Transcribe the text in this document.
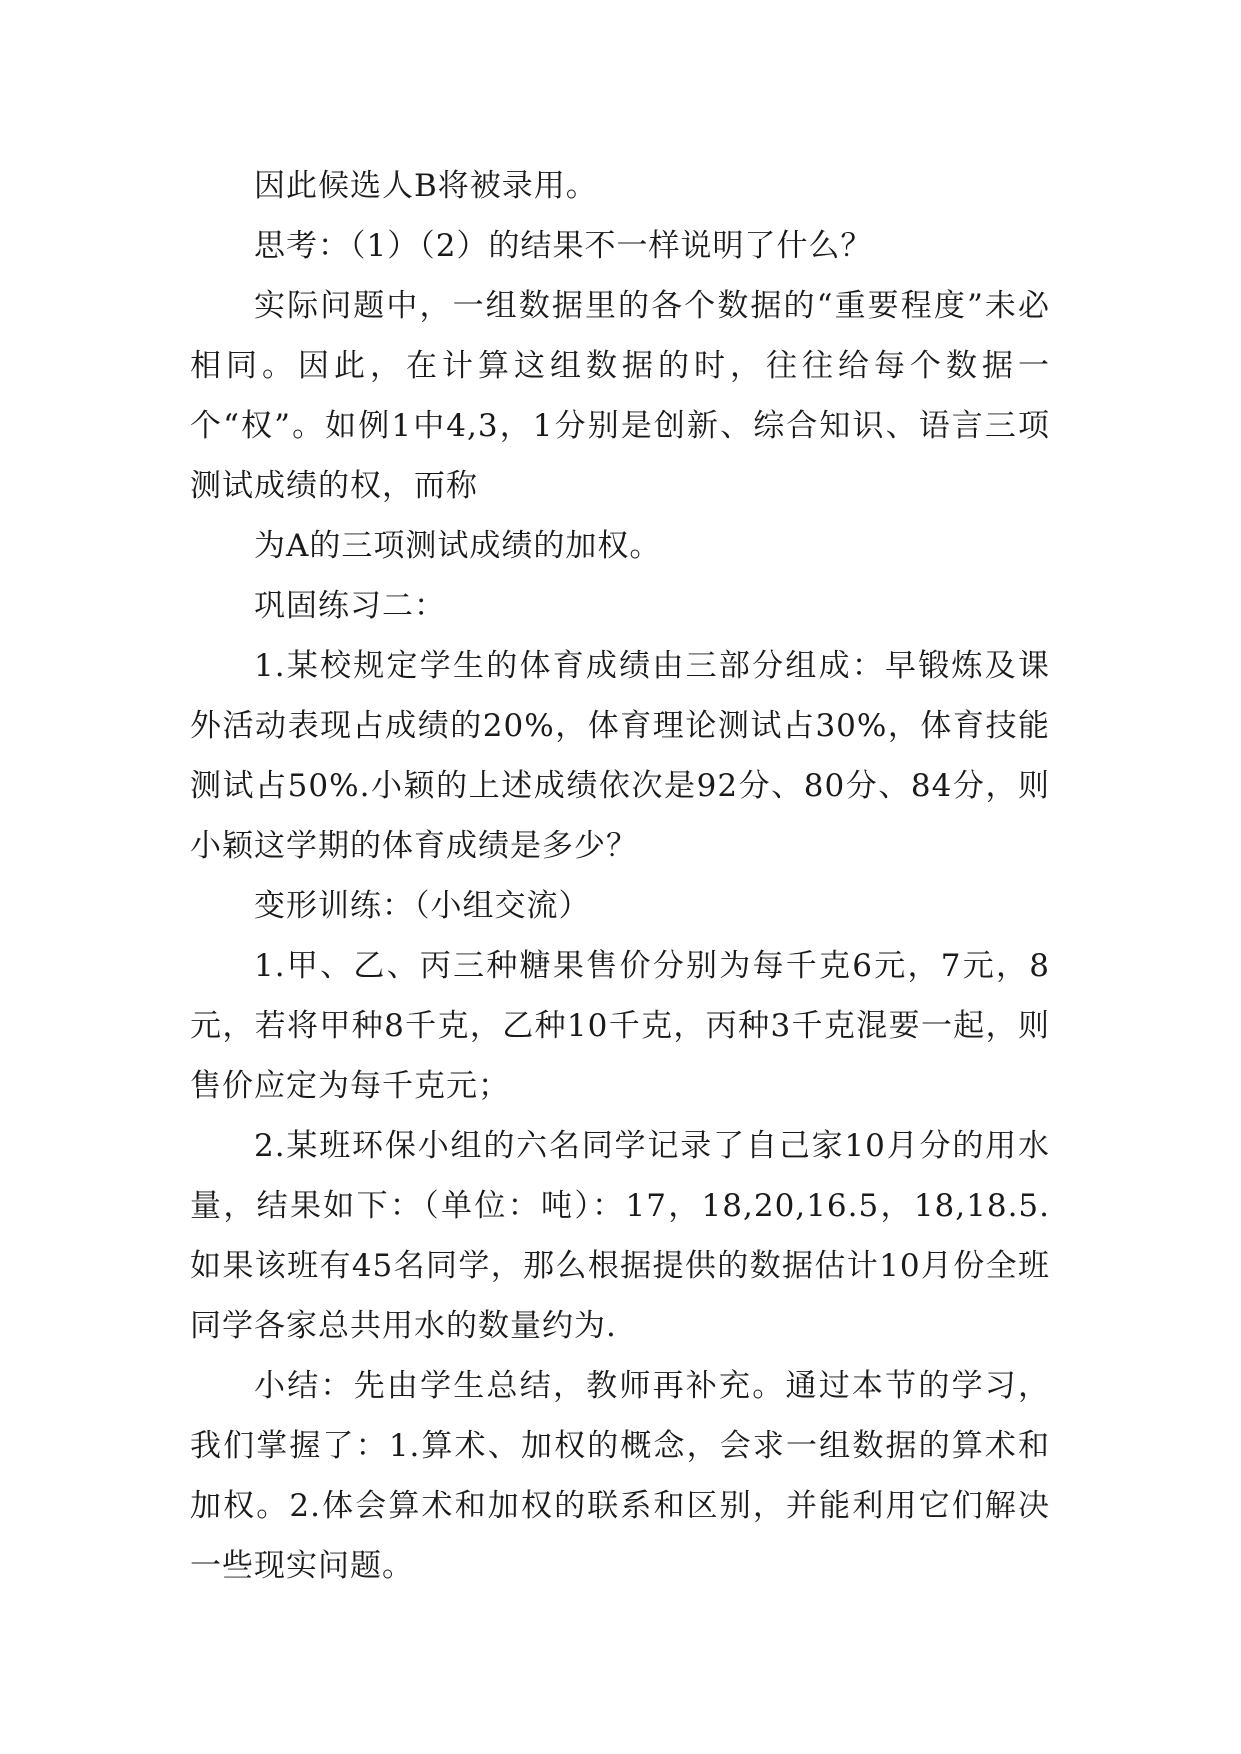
因此候选人B将被录用。

思考：（1）（2）的结果不一样说明了什么？

实际问题中，一组数据里的各个数据的“重要程度”未必相同。因此，在计算这组数据的时，往往给每个数据一个“权”。如例1中4,3，1分别是创新、综合知识、语言三项测试成绩的权，而称

为A的三项测试成绩的加权。

巩固练习二：

1.某校规定学生的体育成绩由三部分组成：早锻炼及课外活动表现占成绩的20%，体育理论测试占30%，体育技能测试占50%.小颖的上述成绩依次是92分、80分、84分，则小颖这学期的体育成绩是多少？

变形训练：（小组交流）

1.甲、乙、丙三种糖果售价分别为每千克6元，7元，8元，若将甲种8千克，乙种10千克，丙种3千克混要一起，则售价应定为每千克元；

2.某班环保小组的六名同学记录了自己家10月分的用水量，结果如下：（单位：吨）：17，18,20,16.5，18,18.5.如果该班有45名同学，那么根据提供的数据估计10月份全班同学各家总共用水的数量约为.

小结：先由学生总结，教师再补充。通过本节的学习，我们掌握了：1.算术、加权的概念，会求一组数据的算术和加权。2.体会算术和加权的联系和区别，并能利用它们解决一些现实问题。
